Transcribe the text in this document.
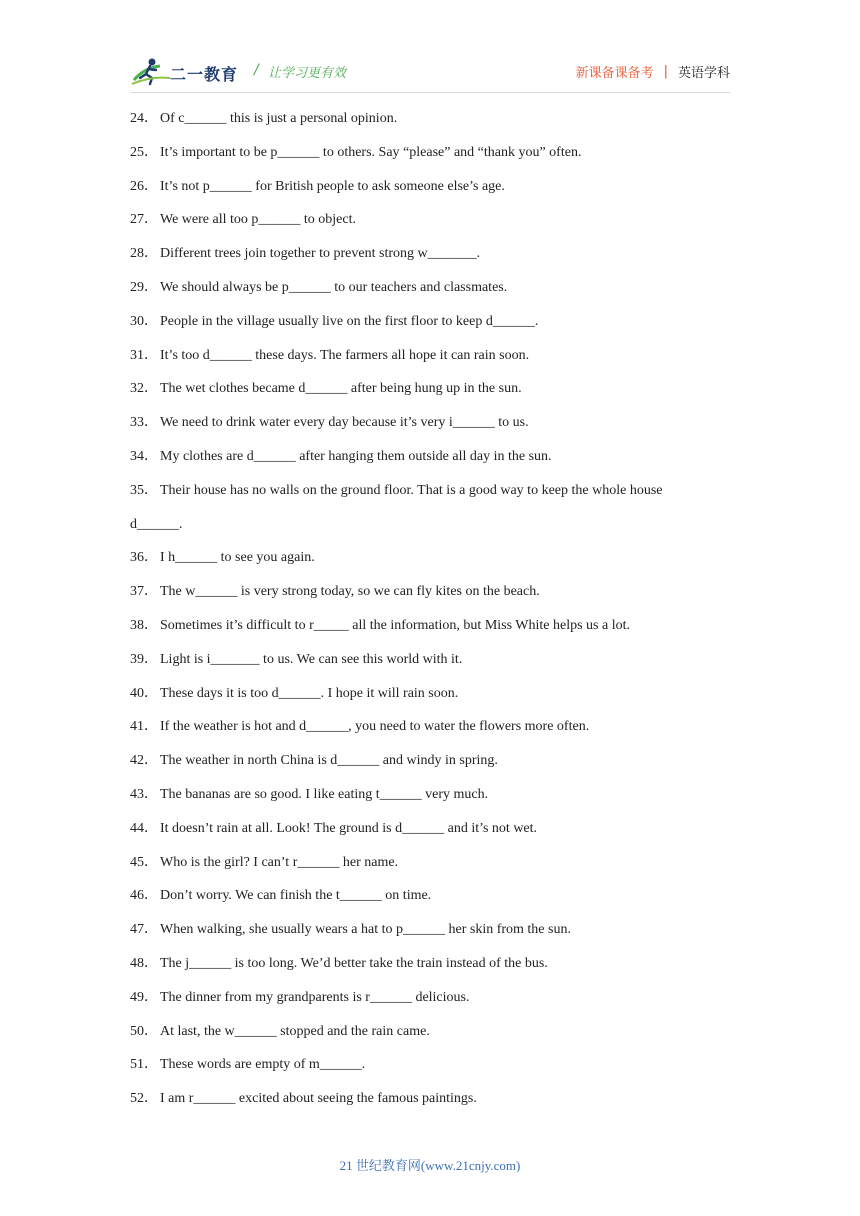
二一教育 / 让学习更有效	新课备课备考 | 英语学科
24． Of c______ this is just a personal opinion.
25． It’s important to be p______ to others. Say “please” and “thank you” often.
26． It’s not p______ for British people to ask someone else’s age.
27． We were all too p______ to object.
28． Different trees join together to prevent strong w_______.
29． We should always be p______ to our teachers and classmates.
30． People in the village usually live on the first floor to keep d______.
31． It’s too d______ these days. The farmers all hope it can rain soon.
32． The wet clothes became d______ after being hung up in the sun.
33． We need to drink water every day because it’s very i______ to us.
34． My clothes are d______ after hanging them outside all day in the sun.
35． Their house has no walls on the ground floor. That is a good way to keep the whole house
d______.
36． I h______ to see you again.
37． The w______ is very strong today, so we can fly kites on the beach.
38． Sometimes it’s difficult to r_____ all the information, but Miss White helps us a lot.
39． Light is i_______ to us. We can see this world with it.
40． These days it is too d______. I hope it will rain soon.
41． If the weather is hot and d______, you need to water the flowers more often.
42． The weather in north China is d______ and windy in spring.
43． The bananas are so good. I like eating t______ very much.
44． It doesn’t rain at all. Look! The ground is d______ and it’s not wet.
45． Who is the girl? I can’t r______ her name.
46． Don’t worry. We can finish the t______ on time.
47． When walking, she usually wears a hat to p______ her skin from the sun.
48． The j______ is too long. We’d better take the train instead of the bus.
49． The dinner from my grandparents is r______ delicious.
50． At last, the w______ stopped and the rain came.
51． These words are empty of m______.
52． I am r______ excited about seeing the famous paintings.
21 世纪教育网(www.21cnjy.com)
